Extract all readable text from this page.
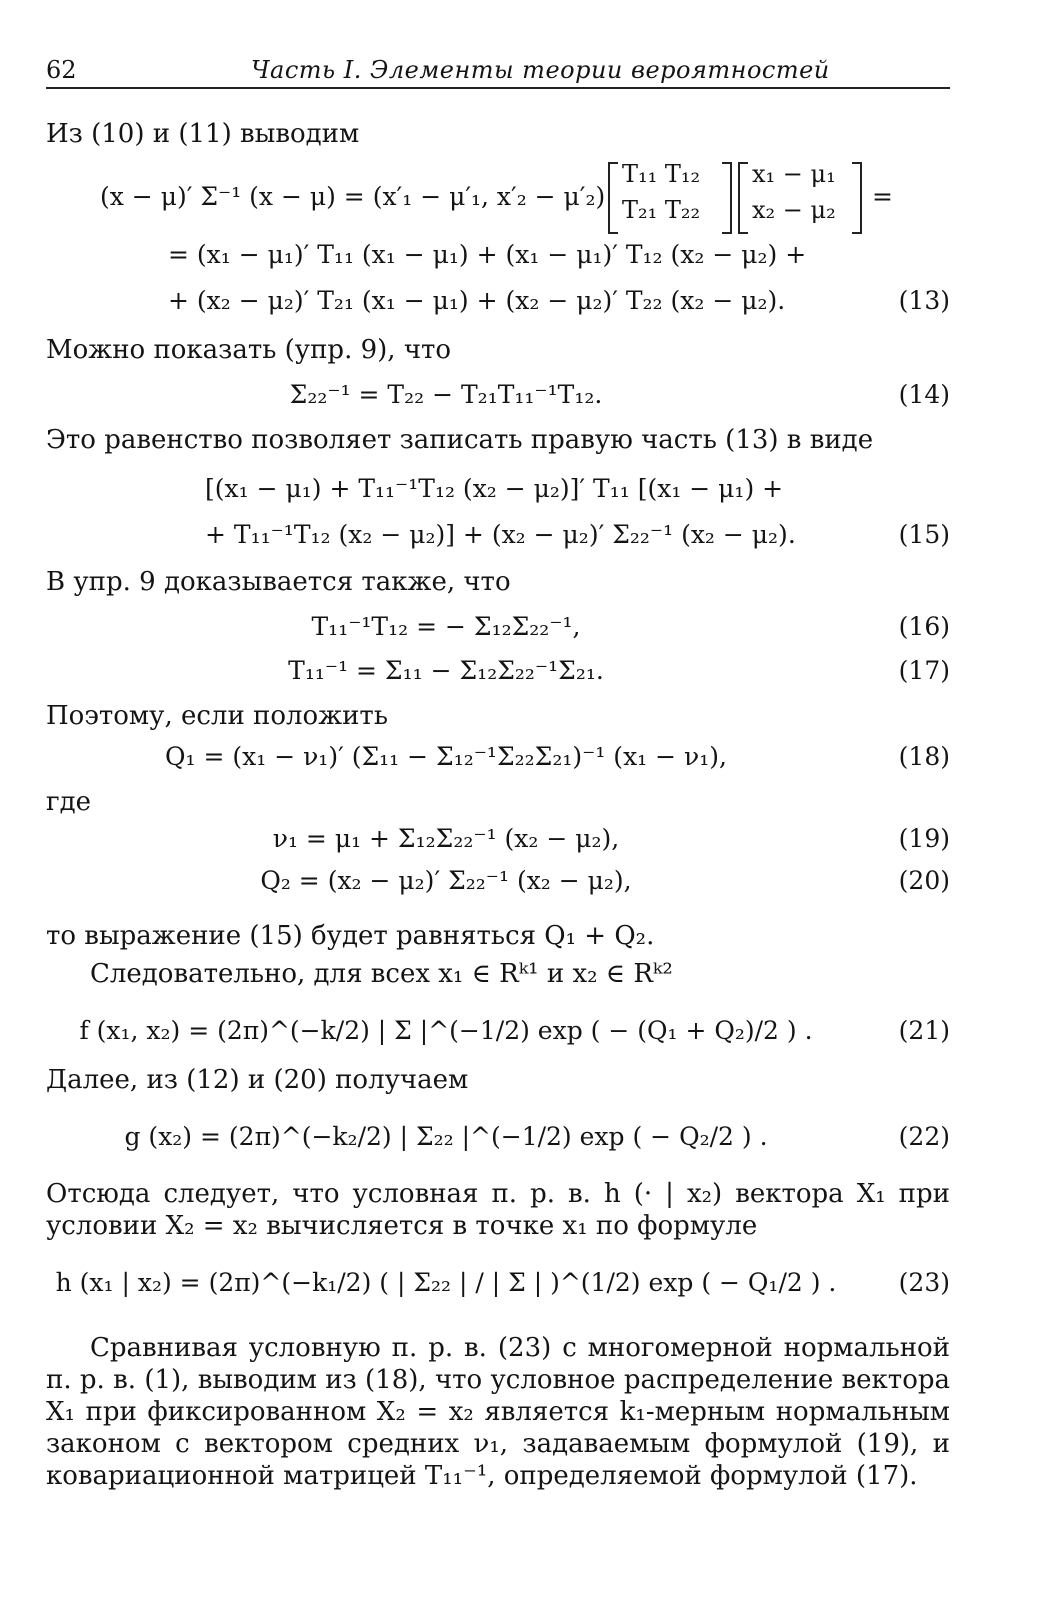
62	Часть I. Элементы теории вероятностей
Из (10) и (11) выводим
(x − μ)′ Σ⁻¹ (x − μ) = (x′₁ − μ′₁, x′₂ − μ′₂)
T₁₁ T₁₂
T₂₁ T₂₂
x₁ − μ₁
x₂ − μ₂ =
= (x₁ − μ₁)′ T₁₁ (x₁ − μ₁) + (x₁ − μ₁)′ T₁₂ (x₂ − μ₂) +
+ (x₂ − μ₂)′ T₂₁ (x₁ − μ₁) + (x₂ − μ₂)′ T₂₂ (x₂ − μ₂).	(13)
Можно показать (упр. 9), что
Σ₂₂⁻¹ = T₂₂ − T₂₁T₁₁⁻¹T₁₂.	(14)
Это равенство позволяет записать правую часть (13) в виде
[(x₁ − μ₁) + T₁₁⁻¹T₁₂ (x₂ − μ₂)]′ T₁₁ [(x₁ − μ₁) +
+ T₁₁⁻¹T₁₂ (x₂ − μ₂)] + (x₂ − μ₂)′ Σ₂₂⁻¹ (x₂ − μ₂).	(15)
В упр. 9 доказывается также, что
T₁₁⁻¹T₁₂ = − Σ₁₂Σ₂₂⁻¹,	(16)
T₁₁⁻¹ = Σ₁₁ − Σ₁₂Σ₂₂⁻¹Σ₂₁.	(17)
Поэтому, если положить
Q₁ = (x₁ − ν₁)′ (Σ₁₁ − Σ₁₂⁻¹Σ₂₂Σ₂₁)⁻¹ (x₁ − ν₁),	(18)
где
ν₁ = μ₁ + Σ₁₂Σ₂₂⁻¹ (x₂ − μ₂),	(19)
Q₂ = (x₂ − μ₂)′ Σ₂₂⁻¹ (x₂ − μ₂),	(20)
то выражение (15) будет равняться Q₁ + Q₂.
Следовательно, для всех x₁ ∈ Rᵏ¹ и x₂ ∈ Rᵏ²
f (x₁, x₂) = (2π)^(−k/2) | Σ |^(−1/2) exp ( − (Q₁ + Q₂)/2 ) .	(21)
Далее, из (12) и (20) получаем
g (x₂) = (2π)^(−k₂/2) | Σ₂₂ |^(−1/2) exp ( − Q₂/2 ) .	(22)
Отсюда следует, что условная п. р. в. h (· | x₂) вектора X₁ при условии X₂ = x₂ вычисляется в точке x₁ по формуле
h (x₁ | x₂) = (2π)^(−k₁/2) ( | Σ₂₂ | / | Σ | )^(1/2) exp ( − Q₁/2 ) .	(23)
Сравнивая условную п. р. в. (23) с многомерной нормальной п. р. в. (1), выводим из (18), что условное распределение вектора X₁ при фиксированном X₂ = x₂ является k₁-мерным нормальным законом с вектором средних ν₁, задаваемым формулой (19), и ковариационной матрицей T₁₁⁻¹, определяемой формулой (17).
